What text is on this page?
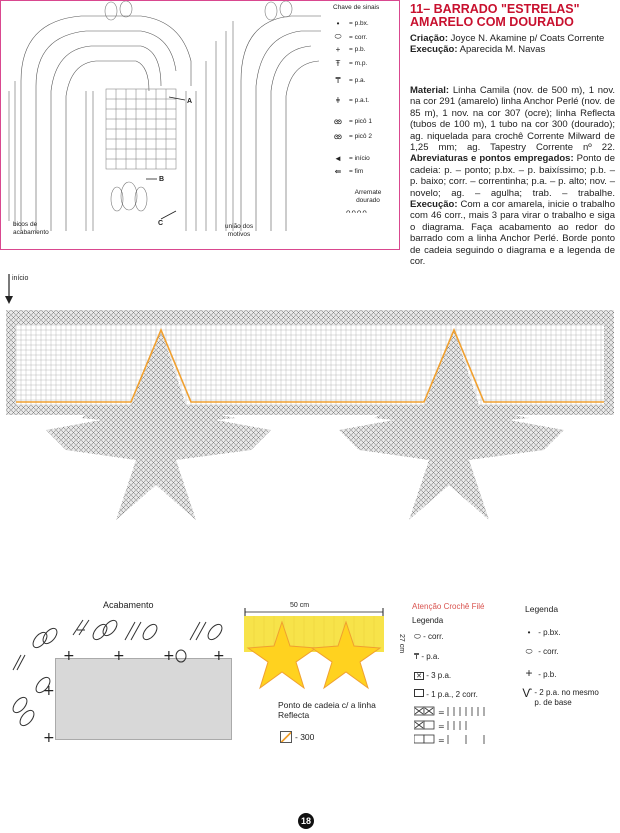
A
B
C
Chave de sinais
•	= p.bx.
⬭	= corr.
+	= p.b.
Ŧ	= m.p.
₸	= p.a.
ǂ	= p.a.t.
ꙭ	= picô 1
ꙭ	= picô 2
◄	= início
⇚	= fim
Arremate dourado
ᴖᴖᴖᴖ
bicos de acabamento
união dos motivos
11– BARRADO "ESTRELAS" AMARELO COM DOURADO
Criação: Joyce N. Akamine p/ Coats Corrente
Execução: Aparecida M. Navas
Material: Linha Camila (nov. de 500 m), 1 nov. na cor 291 (amarelo) linha Anchor Perlé (nov. de 85 m), 1 nov. na cor 307 (ocre); linha Reflecta (tubos de 100 m), 1 tubo na cor 300 (dourado); ag. niquelada para crochê Corrente Milward de 1,25 mm; ag. Tapestry Corrente nº 22. Abreviaturas e pontos empregados: Ponto de cadeia: p. – ponto; p.bx. – p. baixíssimo; p.b. – p. baixo; corr. – correntinha; p.a. – p. alto; nov. – novelo; ag. – agulha; trab. – trabalhe. Execução: Com a cor amarela, inicie o trabalho com 46 corr., mais 3 para virar o trabalho e siga o diagrama. Faça acabamento ao redor do barrado com a linha Anchor Perlé. Borde ponto de cadeia seguindo o diagrama e a legenda de cor.
início
Acabamento
+	+	+	+
+
+
50 cm
27 cm
Ponto de cadeia c/ a linha Reflecta
- 300
Atenção Crochê Filé
Legenda
⬭ - corr.
₸ - p.a.
✕ - 3 p.a.
- 1 p.a., 2 corr.
=
=
=
Legenda
• - p.bx.
⬭ - corr.
+ - p.b.
Ѵ - 2 p.a. no mesmo p. de base
18
